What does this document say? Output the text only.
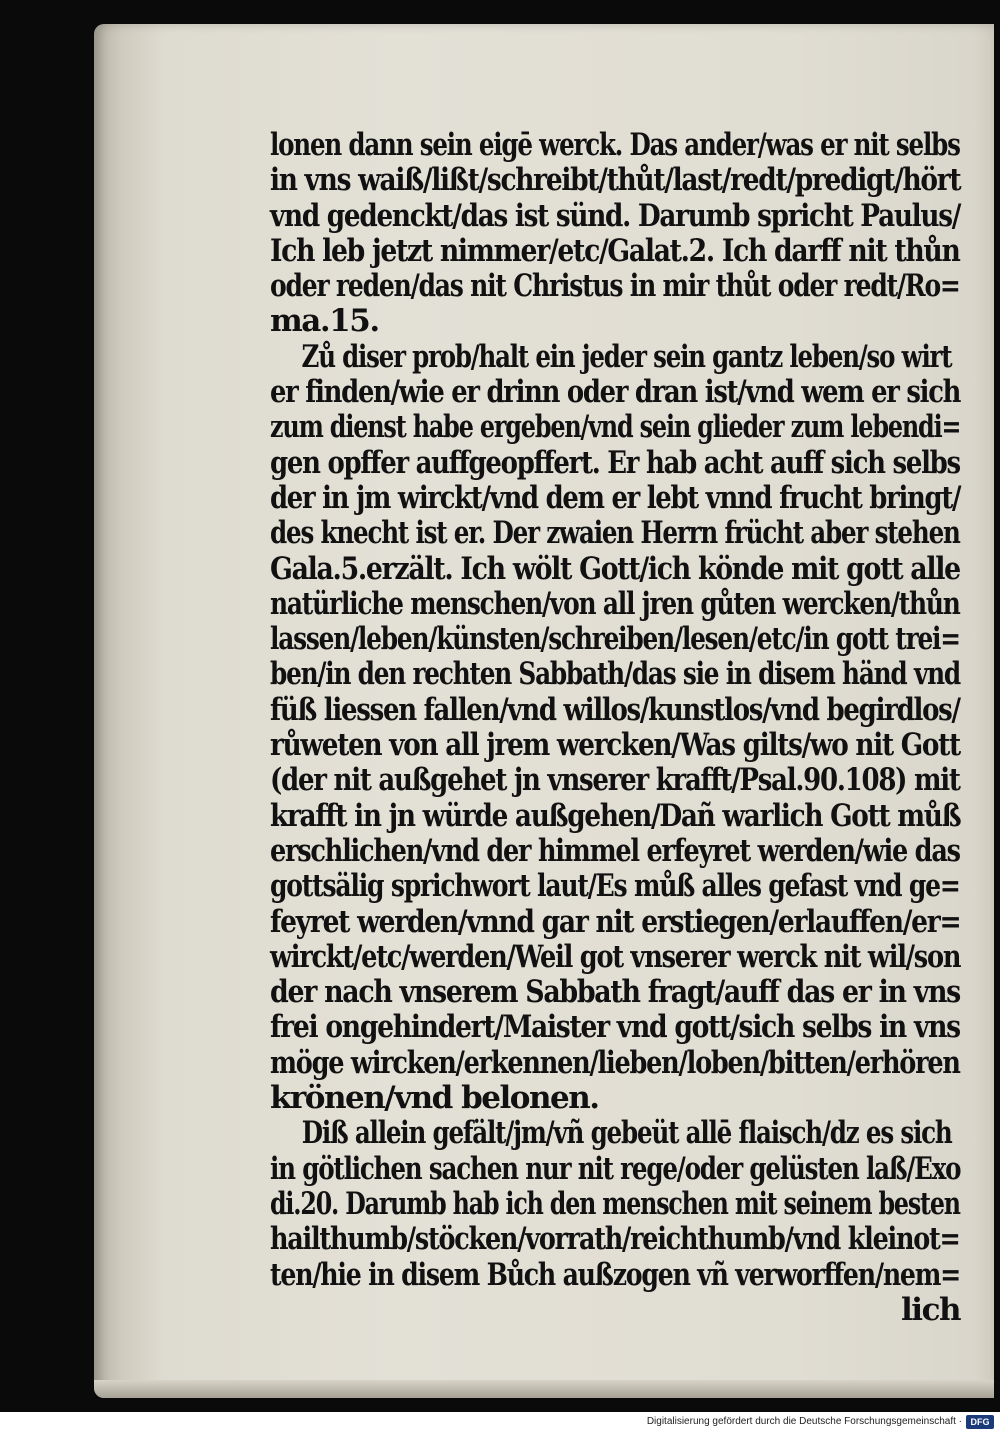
lonen dann sein eigē werck. Das ander/was er nit selbs
in vns waiß/lißt/schreibt/thůt/last/redt/predigt/hört
vnd gedenckt/das ist sünd. Darumb spricht Paulus/
Ich leb jetzt nimmer/etc/Galat.2. Ich darff nit thůn
oder reden/das nit Christus in mir thůt oder redt/Ro=
ma.15.
Zů diser prob/halt ein jeder sein gantz leben/so wirt
er finden/wie er drinn oder dran ist/vnd wem er sich
zum dienst habe ergeben/vnd sein glieder zum lebendi=
gen opffer auffgeopffert. Er hab acht auff sich selbs
der in jm wirckt/vnd dem er lebt vnnd frucht bringt/
des knecht ist er. Der zwaien Herrn frücht aber stehen
Gala.5.erzält. Ich wölt Gott/ich könde mit gott alle
natürliche menschen/von all jren gůten wercken/thůn
lassen/leben/künsten/schreiben/lesen/etc/in gott trei=
ben/in den rechten Sabbath/das sie in disem händ vnd
füß liessen fallen/vnd willos/kunstlos/vnd begirdlos/
růweten von all jrem wercken/Was gilts/wo nit Gott
(der nit außgehet jn vnserer krafft/Psal.90.108) mit
krafft in jn würde außgehen/Dañ warlich Gott můß
erschlichen/vnd der himmel erfeyret werden/wie das
gottsälig sprichwort laut/Es můß alles gefast vnd ge=
feyret werden/vnnd gar nit erstiegen/erlauffen/er=
wirckt/etc/werden/Weil got vnserer werck nit wil/son
der nach vnserem Sabbath fragt/auff das er in vns
frei ongehindert/Maister vnd gott/sich selbs in vns
möge wircken/erkennen/lieben/loben/bitten/erhören
krönen/vnd belonen.
Diß allein gefält/jm/vñ gebeüt allē flaisch/dz es sich
in götlichen sachen nur nit rege/oder gelüsten laß/Exo
di.20. Darumb hab ich den menschen mit seinem besten
hailthumb/stöcken/vorrath/reichthumb/vnd kleinot=
ten/hie in disem Bůch außzogen vñ verworffen/nem=
lich
Digitalisierung gefördert durch die Deutsche Forschungsgemeinschaft · DFG
